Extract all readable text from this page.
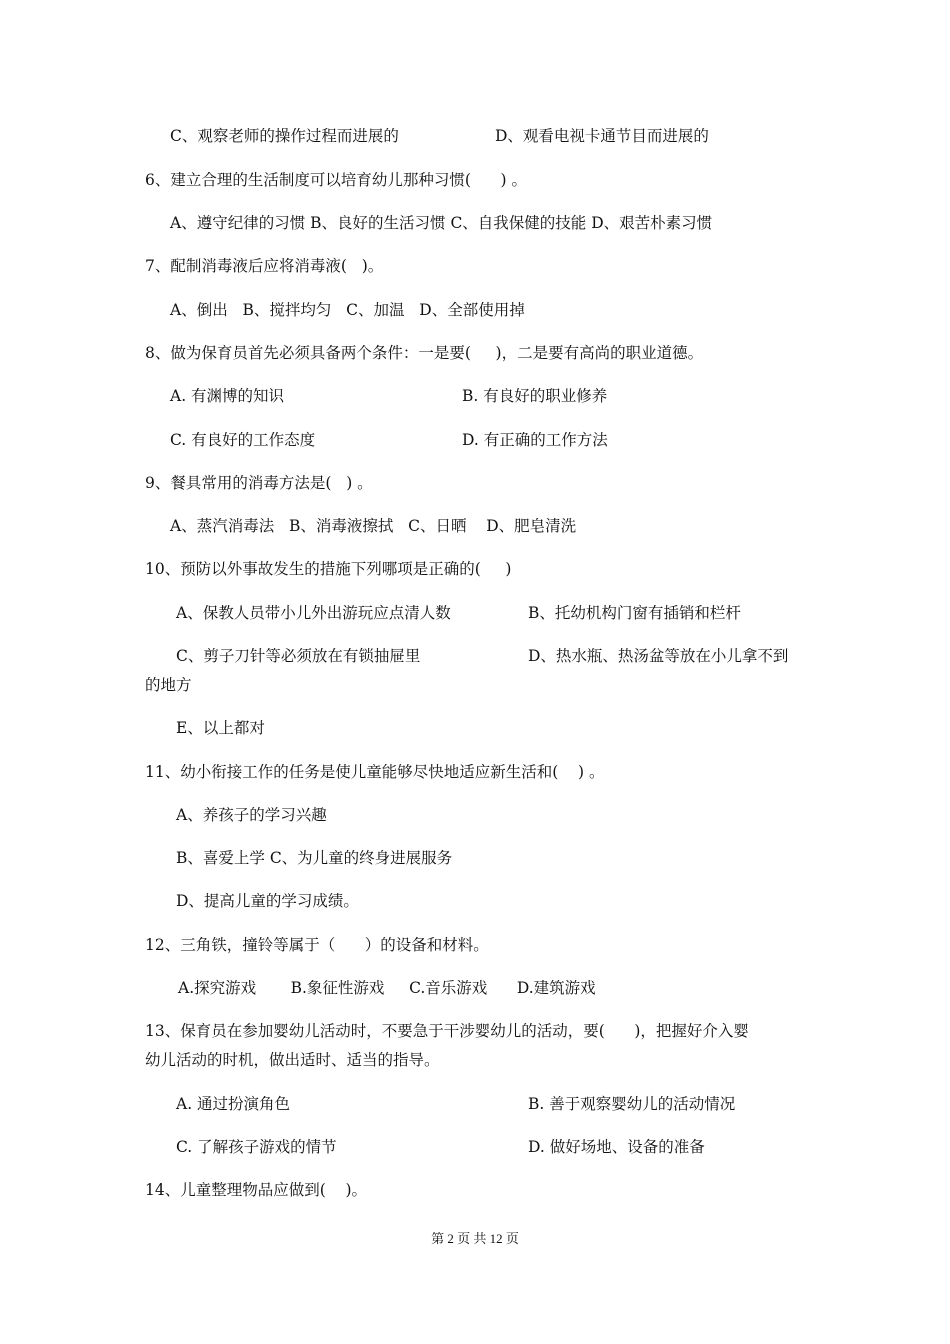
C、观察老师的操作过程而进展的	D、观看电视卡通节目而进展的
6、建立合理的生活制度可以培育幼儿那种习惯(      ) 。
A、遵守纪律的习惯 B、良好的生活习惯 C、自我保健的技能 D、艰苦朴素习惯
7、配制消毒液后应将消毒液(   )。
A、倒出   B、搅拌均匀   C、加温   D、全部使用掉
8、做为保育员首先必须具备两个条件：一是要(     )，二是要有高尚的职业道德。
A. 有渊博的知识	B. 有良好的职业修养
C. 有良好的工作态度	D. 有正确的工作方法
9、餐具常用的消毒方法是(   ) 。
A、蒸汽消毒法   B、消毒液擦拭   C、日晒    D、肥皂清洗
10、预防以外事故发生的措施下列哪项是正确的(     )
A、保教人员带小儿外出游玩应点清人数	B、托幼机构门窗有插销和栏杆
C、剪子刀针等必须放在有锁抽屉里	D、热水瓶、热汤盆等放在小儿拿不到
的地方
E、以上都对
11、幼小衔接工作的任务是使儿童能够尽快地适应新生活和(    ) 。
A、养孩子的学习兴趣
B、喜爱上学 C、为儿童的终身进展服务
D、提高儿童的学习成绩。
12、三角铁，撞铃等属于（      ）的设备和材料。
A.探究游戏       B.象征性游戏     C.音乐游戏      D.建筑游戏
13、保育员在参加婴幼儿活动时，不要急于干涉婴幼儿的活动，要(      )，把握好介入婴
幼儿活动的时机，做出适时、适当的指导。
A. 通过扮演角色	B. 善于观察婴幼儿的活动情况
C. 了解孩子游戏的情节	D. 做好场地、设备的准备
14、儿童整理物品应做到(    )。
第 2 页 共 12 页
